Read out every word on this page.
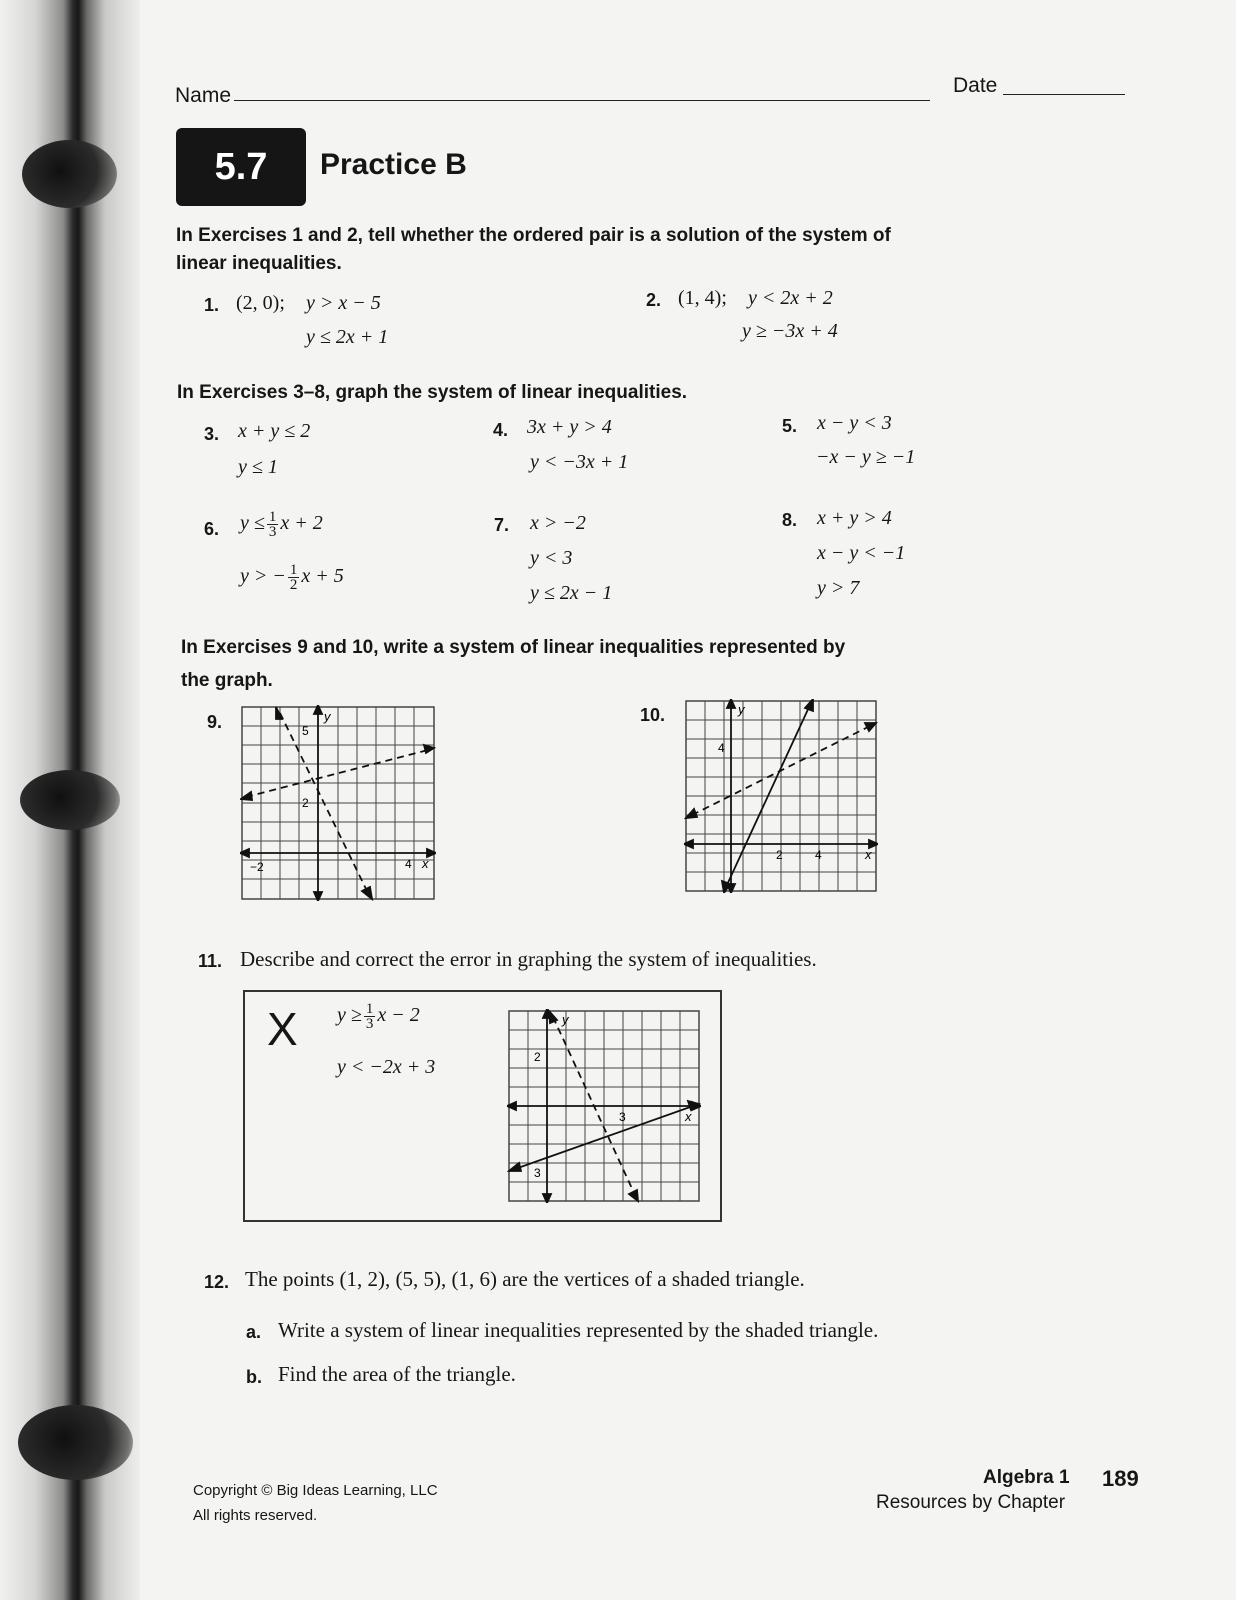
Name	Date
5.7 Practice B
In Exercises 1 and 2, tell whether the ordered pair is a solution of the system of
linear inequalities.
1. (2, 0); y > x − 5
y ≤ 2x + 1
2. (1, 4); y < 2x + 2
y ≥ −3x + 4
In Exercises 3–8, graph the system of linear inequalities.
3. x + y ≤ 2
y ≤ 1
4. 3x + y > 4
y < −3x + 1
5. x − y < 3
−x − y ≥ −1
6. $y \le \frac{1}{3}$ x + 2
y > − $\frac{1}{2}$ x + 5
7. x > −2
y < 3
y ≤ 2x − 1
8. x + y > 4
x − y < −1
y > 7
In Exercises 9 and 10, write a system of linear inequalities represented by
the graph.
9.	y
5
2
−2	4 x
10.	y
4
2	4	x
11. Describe and correct the error in graphing the system of inequalities.
X $y \ge \frac{1}{3}$ x − 2
y < −2x + 3
y
2
3	x
3
12. The points (1, 2), (5, 5), (1, 6) are the vertices of a shaded triangle.
a. Write a system of linear inequalities represented by the shaded triangle.
b. Find the area of the triangle.
Copyright © Big Ideas Learning, LLC
All rights reserved.
Algebra 1
Resources by Chapter
189
